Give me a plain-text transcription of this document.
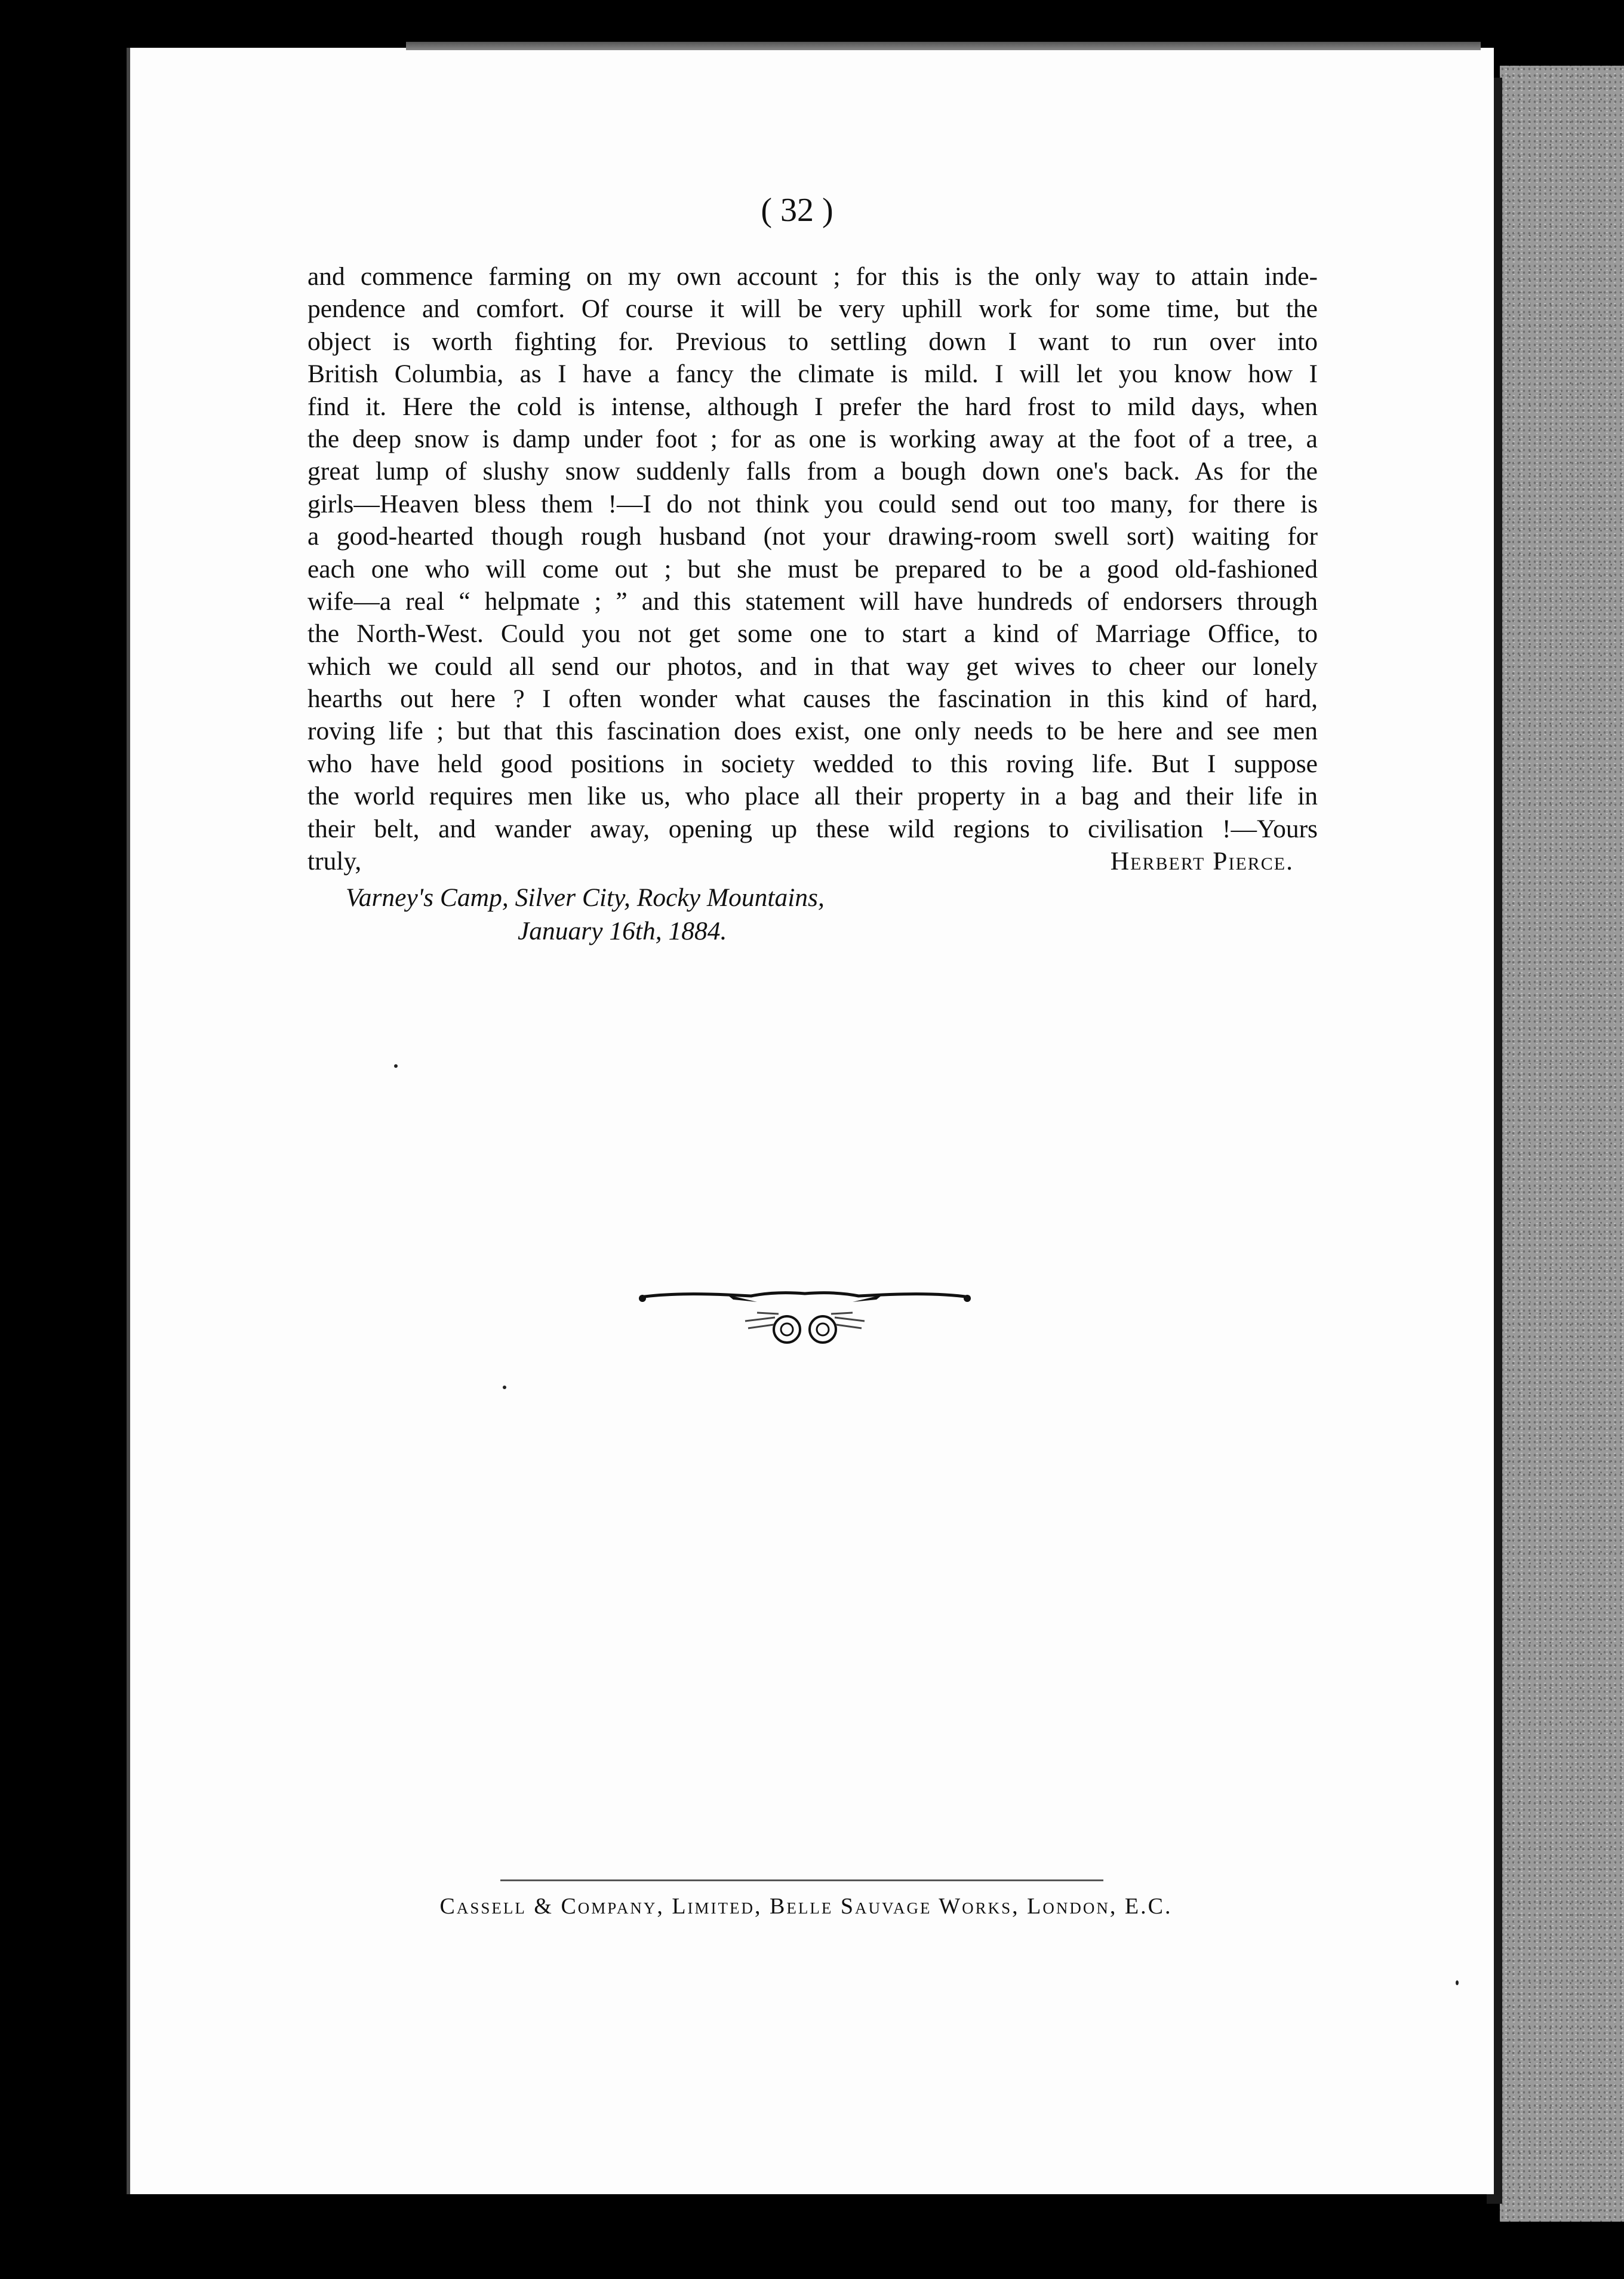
( 32 )
and commence farming on my own account ; for this is the only way to attain inde-
pendence and comfort. Of course it will be very uphill work for some time, but the
object is worth fighting for. Previous to settling down I want to run over into
British Columbia, as I have a fancy the climate is mild. I will let you know how I
find it. Here the cold is intense, although I prefer the hard frost to mild days, when
the deep snow is damp under foot ; for as one is working away at the foot of a tree, a
great lump of slushy snow suddenly falls from a bough down one's back. As for the
girls—Heaven bless them !—I do not think you could send out too many, for there is
a good-hearted though rough husband (not your drawing-room swell sort) waiting for
each one who will come out ; but she must be prepared to be a good old-fashioned
wife—a real “ helpmate ; ” and this statement will have hundreds of endorsers through
the North-West. Could you not get some one to start a kind of Marriage Office, to
which we could all send our photos, and in that way get wives to cheer our lonely
hearths out here ? I often wonder what causes the fascination in this kind of hard,
roving life ; but that this fascination does exist, one only needs to be here and see men
who have held good positions in society wedded to this roving life. But I suppose
the world requires men like us, who place all their property in a bag and their life in
their belt, and wander away, opening up these wild regions to civilisation !—Yours
truly,	Herbert Pierce.
Varney's Camp, Silver City, Rocky Mountains,
January 16th, 1884.
Cassell & Company, Limited, Belle Sauvage Works, London, E.C.
